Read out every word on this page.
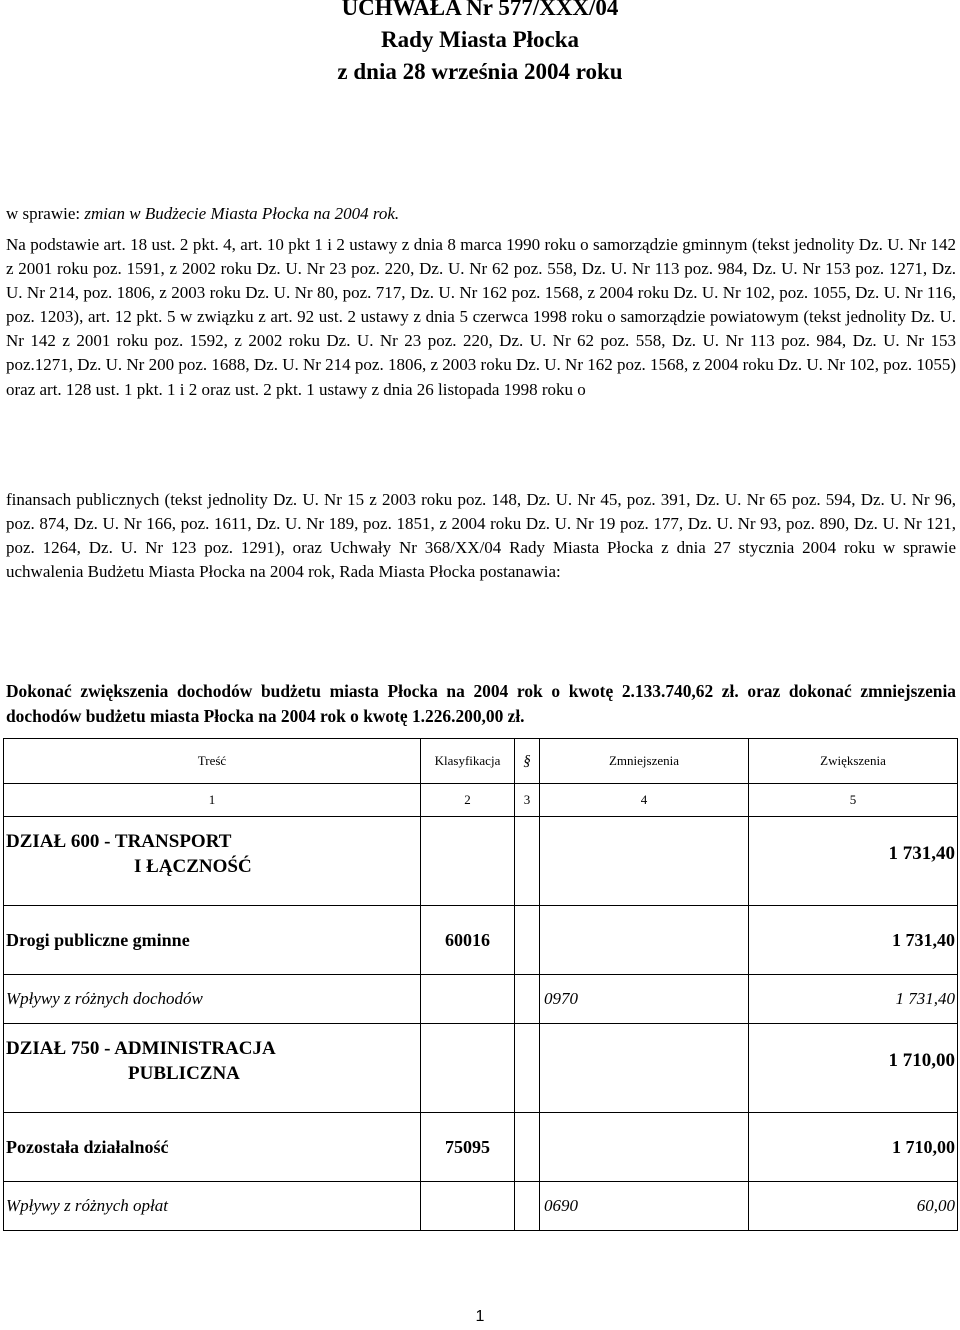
UCHWAŁA Nr 577/XXX/04
Rady Miasta Płocka
z dnia 28 września 2004 roku
w sprawie: zmian w Budżecie Miasta Płocka na 2004 rok.
Na podstawie art. 18 ust. 2 pkt. 4, art. 10 pkt 1 i 2 ustawy z dnia 8 marca 1990 roku o samorządzie gminnym (tekst jednolity Dz. U. Nr 142 z 2001 roku poz. 1591, z 2002 roku Dz. U. Nr 23 poz. 220, Dz. U. Nr 62 poz. 558, Dz. U. Nr 113 poz. 984, Dz. U. Nr 153 poz. 1271, Dz. U. Nr 214, poz. 1806, z 2003 roku Dz. U. Nr 80, poz. 717, Dz. U. Nr 162 poz. 1568, z 2004 roku Dz. U. Nr 102, poz. 1055, Dz. U. Nr 116, poz. 1203), art. 12 pkt. 5 w związku z art. 92 ust. 2 ustawy z dnia 5 czerwca 1998 roku o samorządzie powiatowym (tekst jednolity Dz. U. Nr 142 z 2001 roku poz. 1592, z 2002 roku Dz. U. Nr 23 poz. 220, Dz. U. Nr 62 poz. 558, Dz. U. Nr 113 poz. 984, Dz. U. Nr 153 poz.1271, Dz. U. Nr 200 poz. 1688, Dz. U. Nr 214 poz. 1806, z 2003 roku Dz. U. Nr 162 poz. 1568, z 2004 roku Dz. U. Nr 102, poz. 1055) oraz art. 128 ust. 1 pkt. 1 i 2 oraz ust. 2 pkt. 1 ustawy z dnia 26 listopada 1998 roku o
finansach publicznych (tekst jednolity Dz. U. Nr 15 z 2003 roku poz. 148, Dz. U. Nr 45, poz. 391, Dz. U. Nr 65 poz. 594, Dz. U. Nr 96, poz. 874, Dz. U. Nr 166, poz. 1611, Dz. U. Nr 189, poz. 1851, z 2004 roku Dz. U. Nr 19 poz. 177, Dz. U. Nr 93, poz. 890, Dz. U. Nr 121, poz. 1264, Dz. U. Nr 123 poz. 1291), oraz Uchwały Nr 368/XX/04 Rady Miasta Płocka z dnia 27 stycznia 2004 roku w sprawie uchwalenia Budżetu Miasta Płocka na 2004 rok, Rada Miasta Płocka postanawia:
Dokonać zwiększenia dochodów budżetu miasta Płocka na 2004 rok o kwotę 2.133.740,62 zł. oraz dokonać zmniejszenia dochodów budżetu miasta Płocka na 2004 rok o kwotę 1.226.200,00 zł.
Treść	Klasyfikacja	§	Zmniejszenia	Zwiększenia
1	2	3	4	5

DZIAŁ 600 - TRANSPORT
I ŁĄCZNOŚĆ				1 731,40

Drogi publiczne gminne	60016			1 731,40
Wpływy z różnych dochodów			0970	1 731,40

DZIAŁ 750 - ADMINISTRACJA
PUBLICZNA				1 710,00

Pozostała działalność	75095			1 710,00
Wpływy z różnych opłat			0690	60,00
1
